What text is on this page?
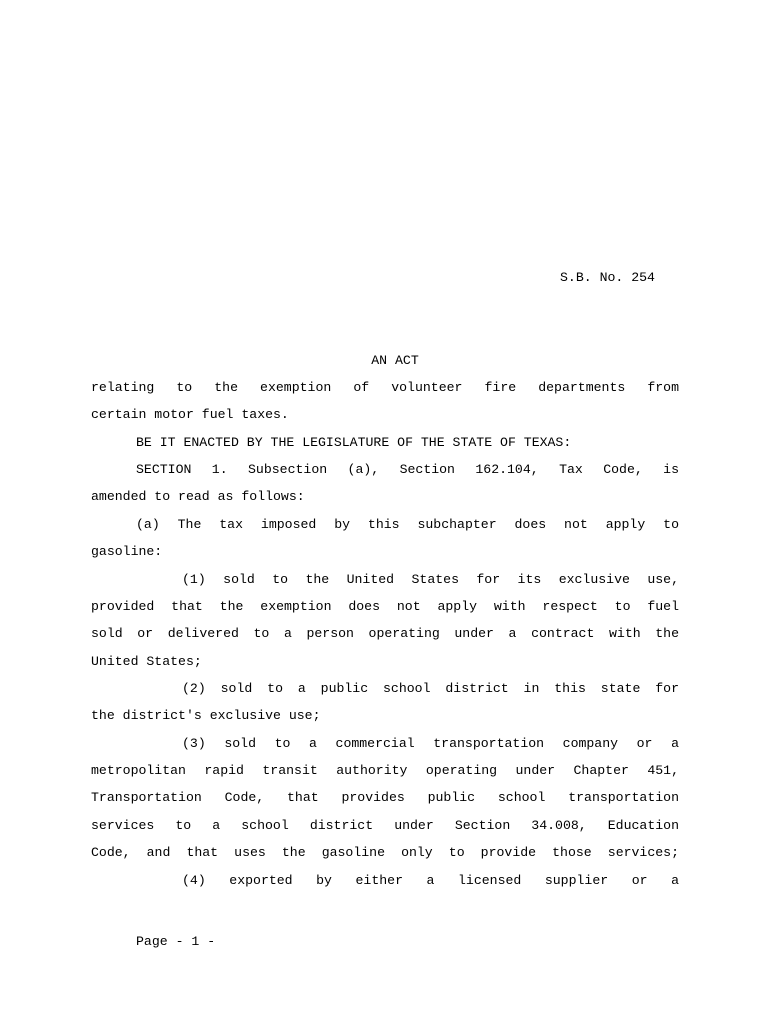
S.B. No. 254
AN ACT
relating to the exemption of volunteer fire departments from
certain motor fuel taxes.
BE IT ENACTED BY THE LEGISLATURE OF THE STATE OF TEXAS:
SECTION 1. Subsection (a), Section 162.104, Tax Code, is
amended to read as follows:
(a) The tax imposed by this subchapter does not apply to
gasoline:
(1) sold to the United States for its exclusive use,
provided that the exemption does not apply with respect to fuel
sold or delivered to a person operating under a contract with the
United States;
(2) sold to a public school district in this state for
the district's exclusive use;
(3) sold to a commercial transportation company or a
metropolitan rapid transit authority operating under Chapter 451,
Transportation Code, that provides public school transportation
services to a school district under Section 34.008, Education
Code, and that uses the gasoline only to provide those services;
(4) exported by either a licensed supplier or a
Page - 1 -
